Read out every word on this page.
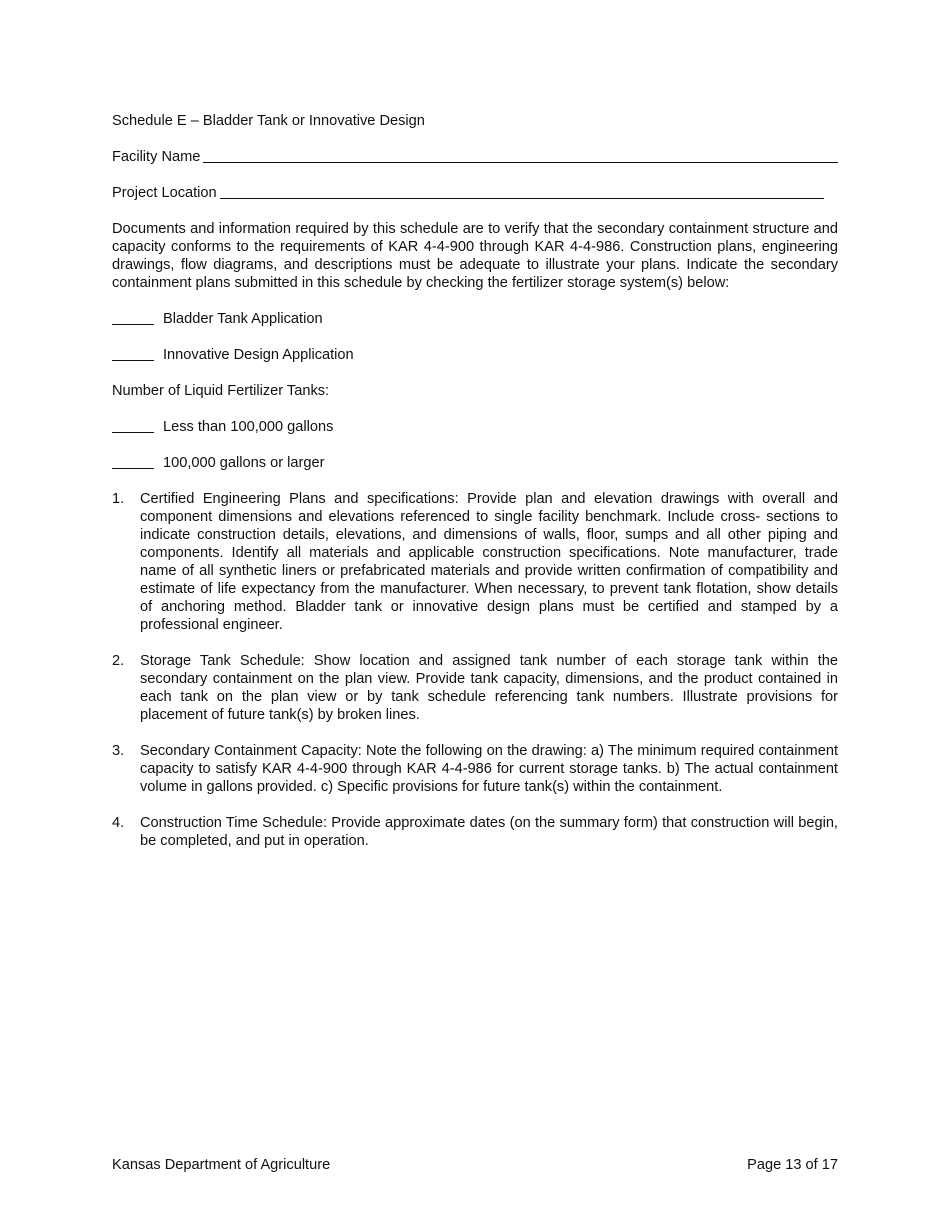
Schedule E – Bladder Tank or Innovative Design
Facility Name
Project Location
Documents and information required by this schedule are to verify that the secondary containment structure and capacity conforms to the requirements of KAR 4-4-900 through KAR 4-4-986. Construction plans, engineering drawings, flow diagrams, and descriptions must be adequate to illustrate your plans. Indicate the secondary containment plans submitted in this schedule by checking the fertilizer storage system(s) below:
Bladder Tank Application
Innovative Design Application
Number of Liquid Fertilizer Tanks:
Less than 100,000 gallons
100,000 gallons or larger
1.	Certified Engineering Plans and specifications: Provide plan and elevation drawings with overall and component dimensions and elevations referenced to single facility benchmark. Include cross- sections to indicate construction details, elevations, and dimensions of walls, floor, sumps and all other piping and components. Identify all materials and applicable construction specifications. Note manufacturer, trade name of all synthetic liners or prefabricated materials and provide written confirmation of compatibility and estimate of life expectancy from the manufacturer. When necessary, to prevent tank flotation, show details of anchoring method. Bladder tank or innovative design plans must be certified and stamped by a professional engineer.
2.	Storage Tank Schedule: Show location and assigned tank number of each storage tank within the secondary containment on the plan view. Provide tank capacity, dimensions, and the product contained in each tank on the plan view or by tank schedule referencing tank numbers. Illustrate provisions for placement of future tank(s) by broken lines.
3.	Secondary Containment Capacity: Note the following on the drawing: a) The minimum required containment capacity to satisfy KAR 4-4-900 through KAR 4-4-986 for current storage tanks. b) The actual containment volume in gallons provided. c) Specific provisions for future tank(s) within the containment.
4.	Construction Time Schedule: Provide approximate dates (on the summary form) that construction will begin, be completed, and put in operation.
Kansas Department of Agriculture	Page 13 of 17
